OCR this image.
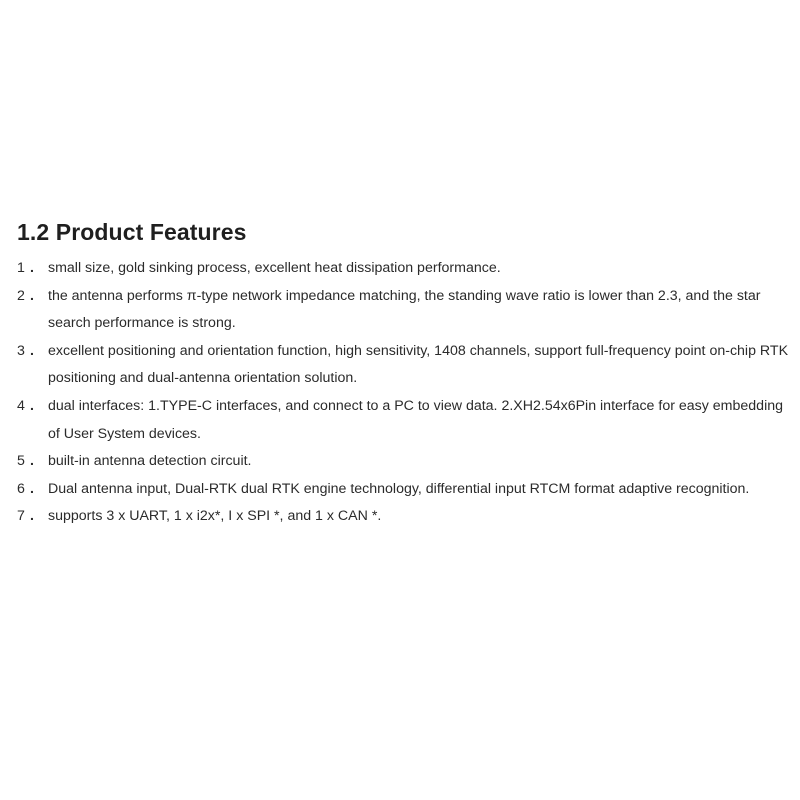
1.2 Product Features
1 . small size, gold sinking process, excellent heat dissipation performance.
2 . the antenna performs π-type network impedance matching, the standing wave ratio is lower than 2.3, and the star search performance is strong.
3 . excellent positioning and orientation function, high sensitivity, 1408 channels, support full-frequency point on-chip RTK positioning and dual-antenna orientation solution.
4 . dual interfaces: 1.TYPE-C interfaces, and connect to a PC to view data. 2.XH2.54x6Pin interface for easy embedding of User System devices.
5 . built-in antenna detection circuit.
6 . Dual antenna input, Dual-RTK dual RTK engine technology, differential input RTCM format adaptive recognition.
7 . supports 3 x UART, 1 x i2x*, I x SPI *, and 1 x CAN *.
